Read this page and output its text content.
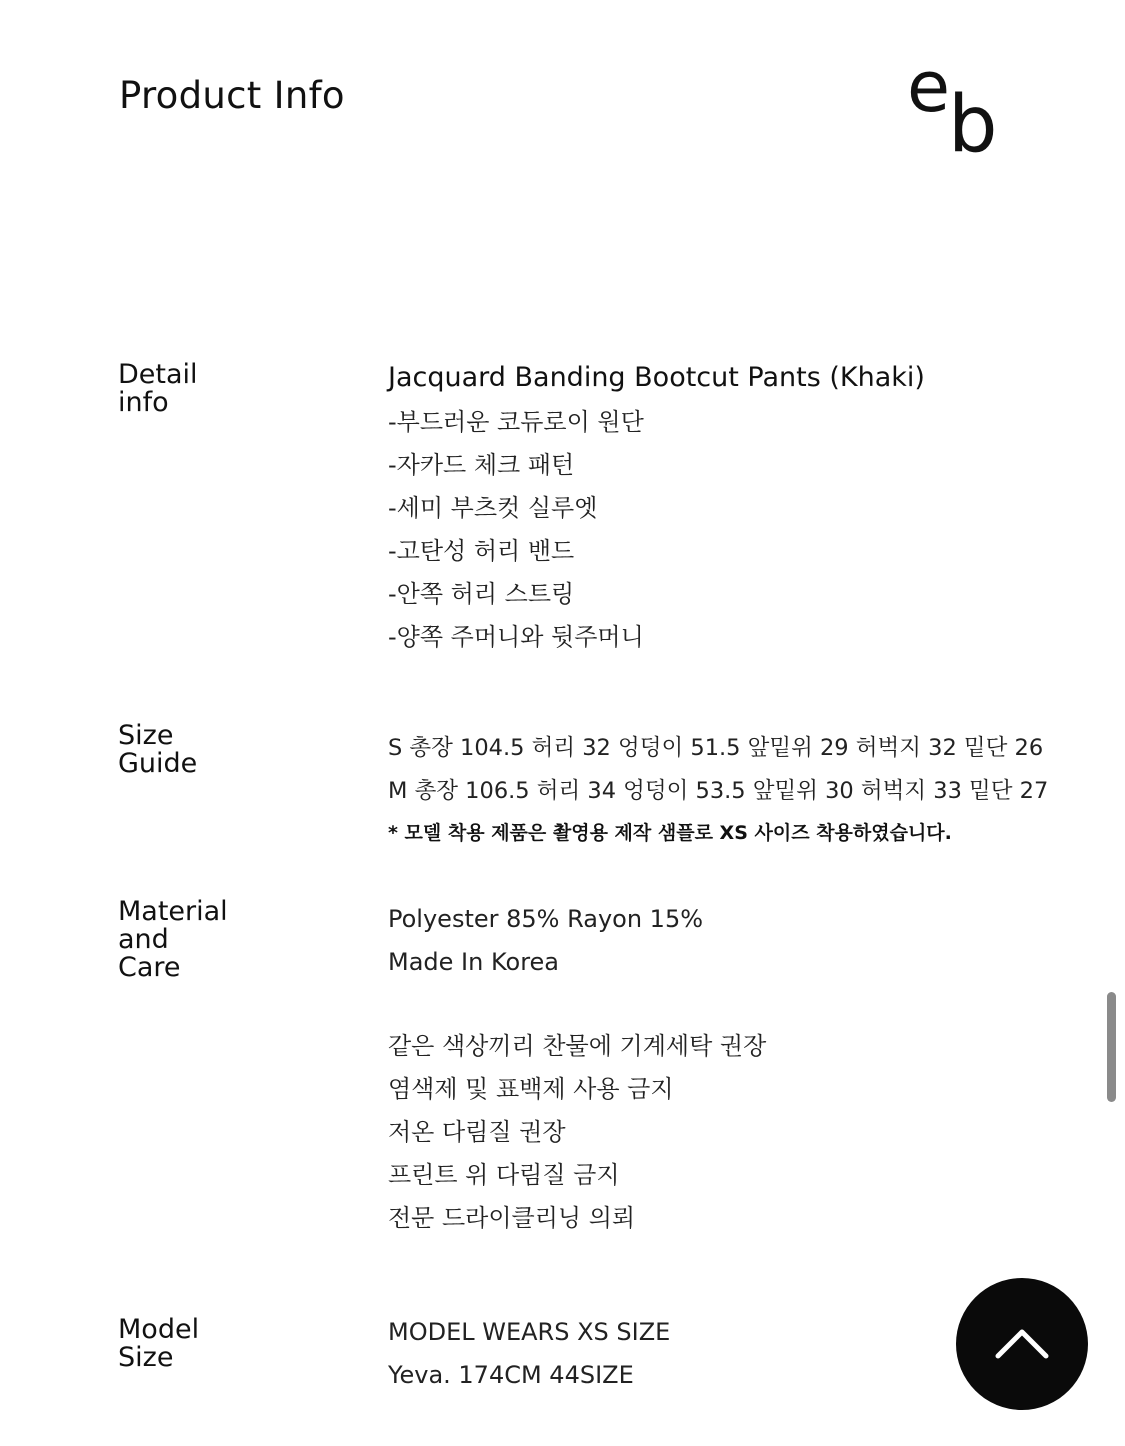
Product Info	e
b
Detail
info
Jacquard Banding Bootcut Pants (Khaki)
-부드러운 코듀로이 원단
-자카드 체크 패턴
-세미 부츠컷 실루엣
-고탄성 허리 밴드
-안쪽 허리 스트링
-양쪽 주머니와 뒷주머니
Size
Guide	S 총장 104.5 허리 32 엉덩이 51.5 앞밑위 29 허벅지 32 밑단 26
M 총장 106.5 허리 34 엉덩이 53.5 앞밑위 30 허벅지 33 밑단 27
* 모델 착용 제품은 촬영용 제작 샘플로 XS 사이즈 착용하였습니다.
Material
and
Care
Polyester 85% Rayon 15%
Made In Korea
같은 색상끼리 찬물에 기계세탁 권장
염색제 및 표백제 사용 금지
저온 다림질 권장
프린트 위 다림질 금지
전문 드라이클리닝 의뢰
Model
Size
MODEL WEARS XS SIZE
Yeva. 174CM 44SIZE
